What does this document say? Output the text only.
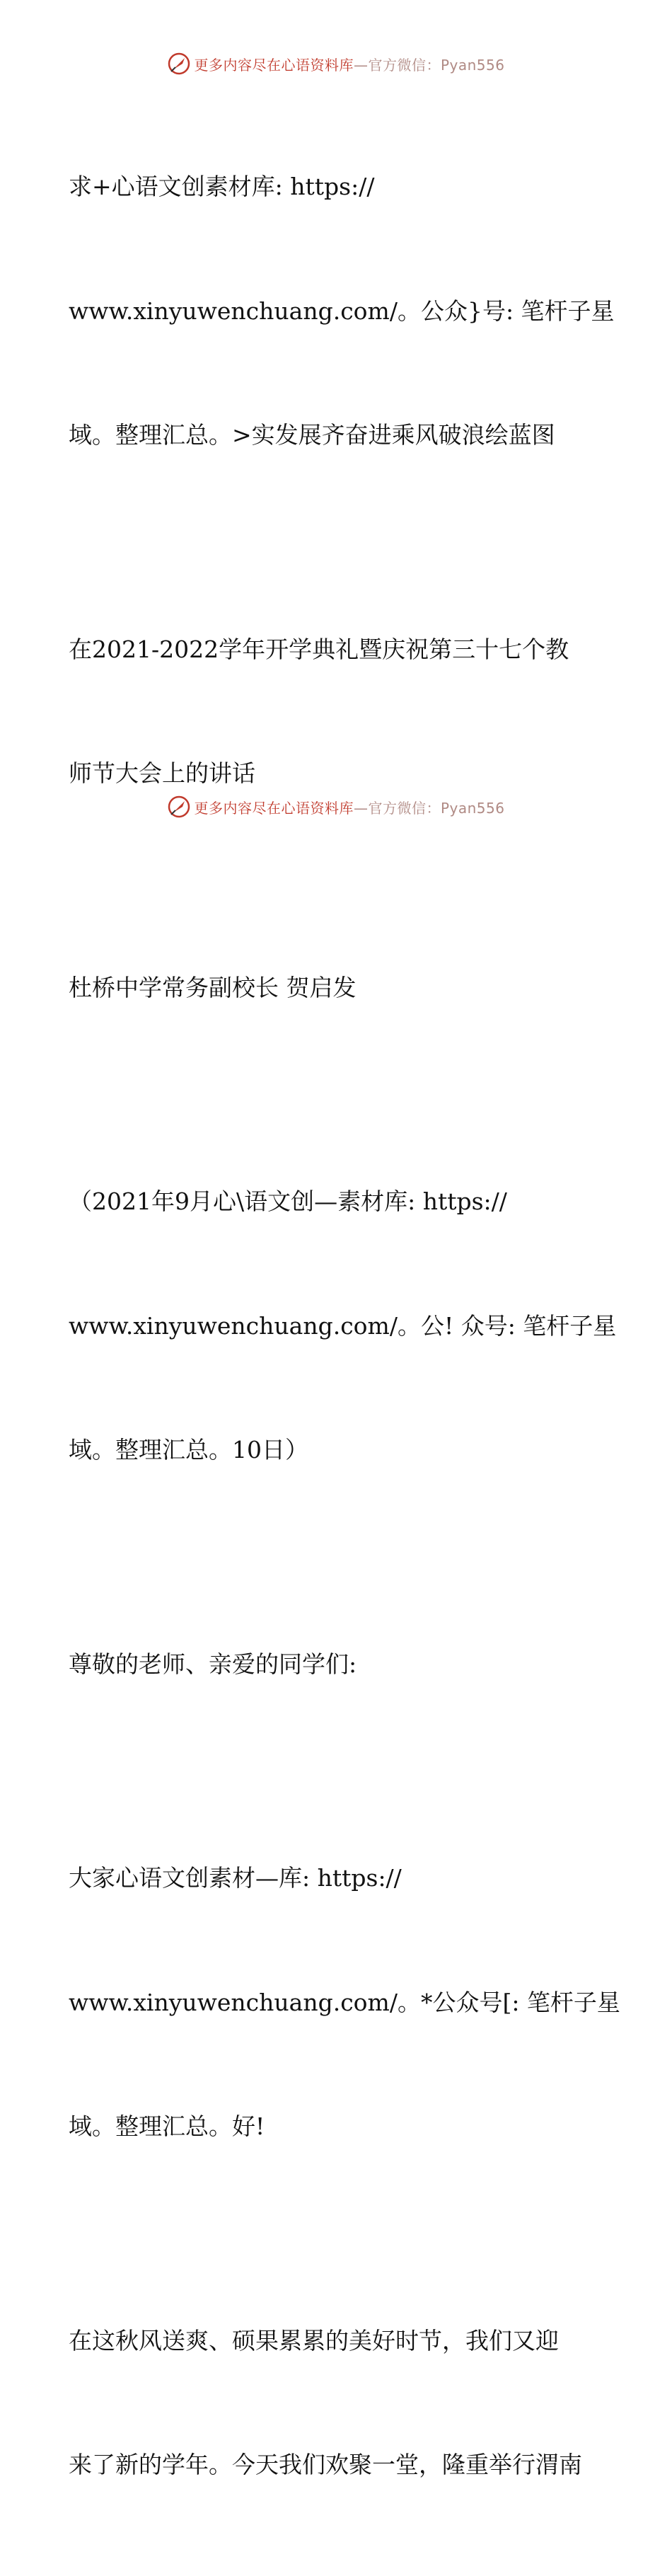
更多内容尽在心语资料库—官方微信：Pyan556

求+心语文创素材库: https://

www.xinyuwenchuang.com/。公众}号: 笔杆子星

域。整理汇总。>实发展齐奋进乘风破浪绘蓝图

在2021-2022学年开学典礼暨庆祝第三十七个教

师节大会上的讲话

杜桥中学常务副校长 贺启发

（2021年9月心\语文创—素材库: https://

www.xinyuwenchuang.com/。公! 众号: 笔杆子星

域。整理汇总。10日）

尊敬的老师、亲爱的同学们:

大家心语文创素材—库: https://

www.xinyuwenchuang.com/。*公众号[: 笔杆子星

域。整理汇总。好!

在这秋风送爽、硕果累累的美好时节，我们又迎

来了新的学年。今天我们欢聚一堂，隆重举行渭南

更多内容尽在心语资料库—官方微信：Pyan556
